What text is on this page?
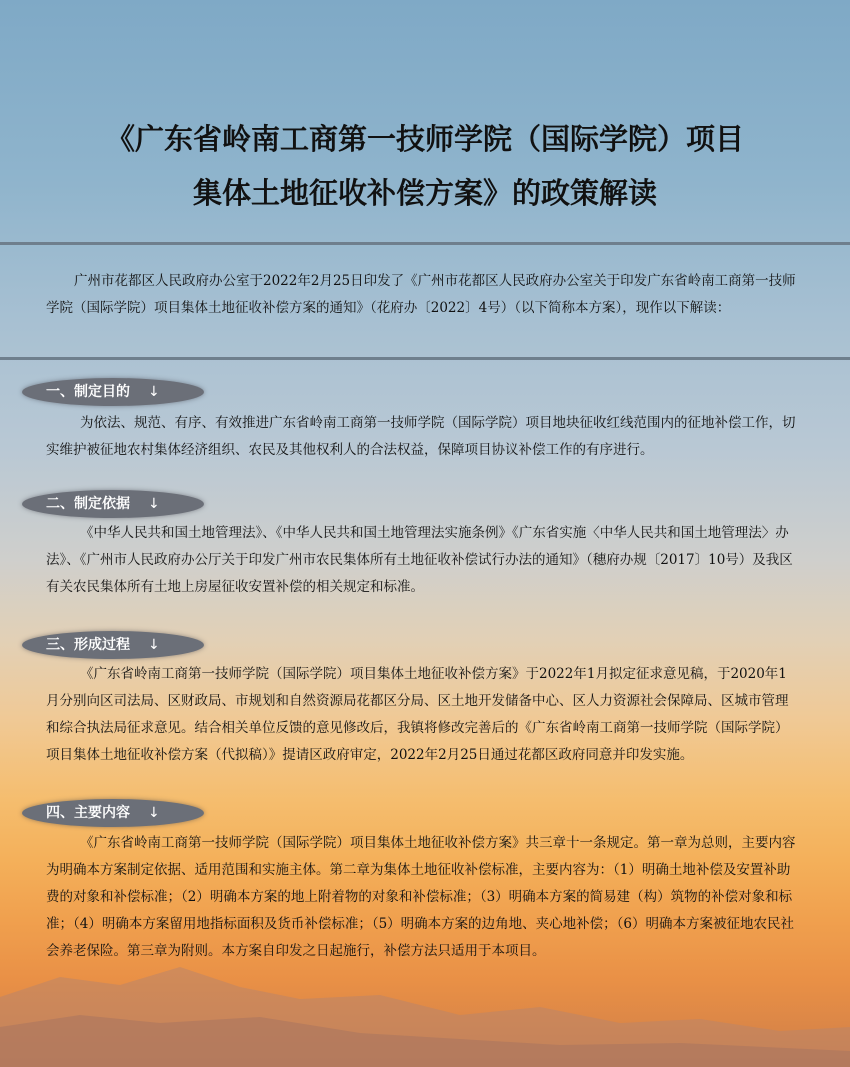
《广东省岭南工商第一技师学院（国际学院）项目
集体土地征收补偿方案》的政策解读
广州市花都区人民政府办公室于2022年2月25日印发了《广州市花都区人民政府办公室关于印发广东省岭南工商第一技师学院（国际学院）项目集体土地征收补偿方案的通知》（花府办〔2022〕4号）（以下简称本方案），现作以下解读：
一、制定目的 ↓
为依法、规范、有序、有效推进广东省岭南工商第一技师学院（国际学院）项目地块征收红线范围内的征地补偿工作，切实维护被征地农村集体经济组织、农民及其他权利人的合法权益，保障项目协议补偿工作的有序进行。
二、制定依据 ↓
《中华人民共和国土地管理法》、《中华人民共和国土地管理法实施条例》《广东省实施〈中华人民共和国土地管理法〉办法》、《广州市人民政府办公厅关于印发广州市农民集体所有土地征收补偿试行办法的通知》（穗府办规〔2017〕10号）及我区有关农民集体所有土地上房屋征收安置补偿的相关规定和标准。
三、形成过程 ↓
《广东省岭南工商第一技师学院（国际学院）项目集体土地征收补偿方案》于2022年1月拟定征求意见稿，于2020年1月分别向区司法局、区财政局、市规划和自然资源局花都区分局、区土地开发储备中心、区人力资源社会保障局、区城市管理和综合执法局征求意见。结合相关单位反馈的意见修改后，我镇将修改完善后的《广东省岭南工商第一技师学院（国际学院）项目集体土地征收补偿方案（代拟稿）》提请区政府审定，2022年2月25日通过花都区政府同意并印发实施。
四、主要内容 ↓
《广东省岭南工商第一技师学院（国际学院）项目集体土地征收补偿方案》共三章十一条规定。第一章为总则，主要内容为明确本方案制定依据、适用范围和实施主体。第二章为集体土地征收补偿标准，主要内容为：（1）明确土地补偿及安置补助费的对象和补偿标准；（2）明确本方案的地上附着物的对象和补偿标准；（3）明确本方案的简易建（构）筑物的补偿对象和标准；（4）明确本方案留用地指标面积及货币补偿标准；（5）明确本方案的边角地、夹心地补偿；（6）明确本方案被征地农民社会养老保险。第三章为附则。本方案自印发之日起施行，补偿方法只适用于本项目。
